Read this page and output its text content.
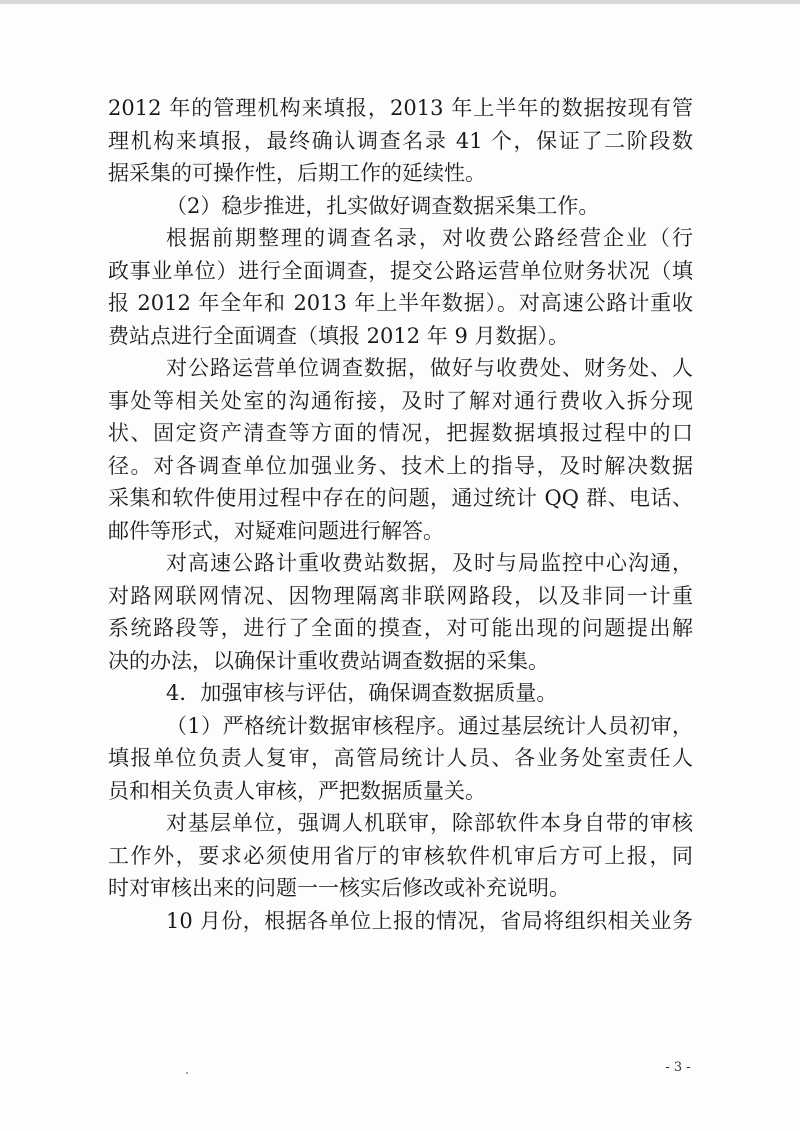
2012 年的管理机构来填报，2013 年上半年的数据按现有管
理机构来填报，最终确认调查名录 41 个，保证了二阶段数
据采集的可操作性，后期工作的延续性。
（2）稳步推进，扎实做好调查数据采集工作。
根据前期整理的调查名录，对收费公路经营企业（行
政事业单位）进行全面调查，提交公路运营单位财务状况（填
报 2012 年全年和 2013 年上半年数据）。对高速公路计重收
费站点进行全面调查（填报 2012 年 9 月数据）。
对公路运营单位调查数据，做好与收费处、财务处、人
事处等相关处室的沟通衔接，及时了解对通行费收入拆分现
状、固定资产清查等方面的情况，把握数据填报过程中的口
径。对各调查单位加强业务、技术上的指导，及时解决数据
采集和软件使用过程中存在的问题，通过统计 QQ 群、电话、
邮件等形式，对疑难问题进行解答。
对高速公路计重收费站数据，及时与局监控中心沟通，
对路网联网情况、因物理隔离非联网路段，以及非同一计重
系统路段等，进行了全面的摸查，对可能出现的问题提出解
决的办法，以确保计重收费站调查数据的采集。
4．加强审核与评估，确保调查数据质量。
（1）严格统计数据审核程序。通过基层统计人员初审，
填报单位负责人复审，高管局统计人员、各业务处室责任人
员和相关负责人审核，严把数据质量关。
对基层单位，强调人机联审，除部软件本身自带的审核
工作外，要求必须使用省厅的审核软件机审后方可上报，同
时对审核出来的问题一一核实后修改或补充说明。
10 月份，根据各单位上报的情况，省局将组织相关业务
- 3 -
